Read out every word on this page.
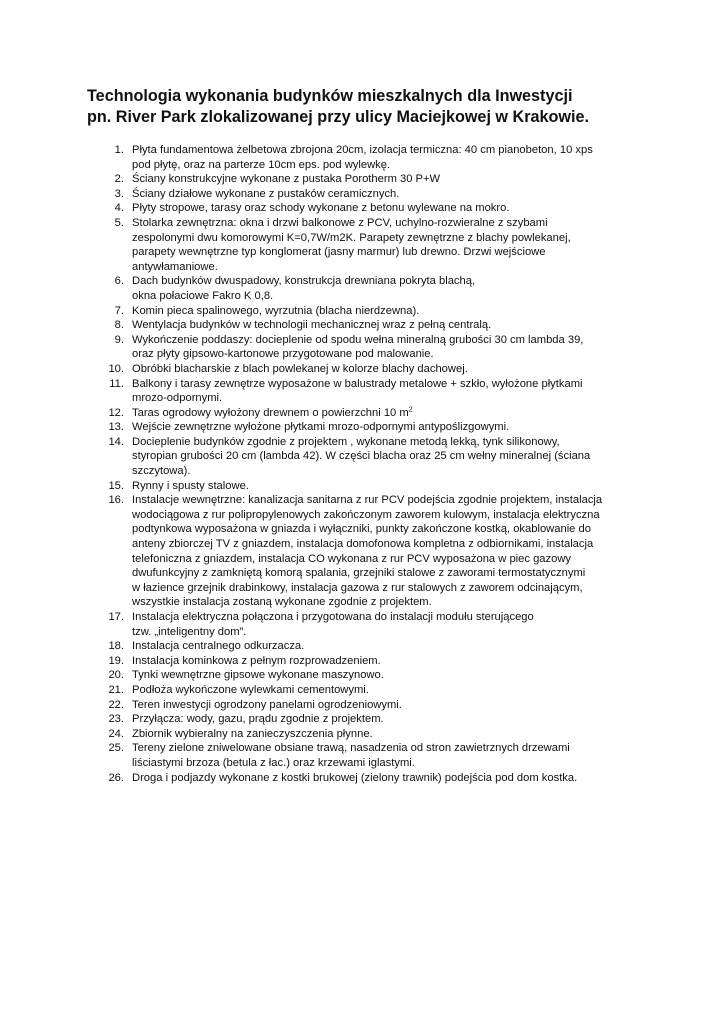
Technologia wykonania budynków mieszkalnych dla Inwestycji
pn. River Park zlokalizowanej przy ulicy Maciejkowej w Krakowie.
1. Płyta fundamentowa żelbetowa zbrojona 20cm, izolacja termiczna: 40 cm pianobeton, 10 xps
pod płytę, oraz na parterze 10cm eps. pod wylewkę.
2. Ściany konstrukcyjne wykonane z pustaka Porotherm 30 P+W
3. Ściany działowe wykonane z pustaków ceramicznych.
4. Płyty stropowe, tarasy oraz schody wykonane z betonu wylewane na mokro.
5. Stolarka zewnętrzna: okna i drzwi balkonowe z PCV, uchylno-rozwieralne z szybami
zespolonymi dwu komorowymi K=0,7W/m2K. Parapety zewnętrzne z blachy powlekanej,
parapety wewnętrzne typ konglomerat (jasny marmur) lub drewno. Drzwi wejściowe
antywłamaniowe.
6. Dach budynków dwuspadowy, konstrukcja drewniana pokryta blachą,
okna połaciowe Fakro K 0,8.
7. Komin pieca spalinowego, wyrzutnia (blacha nierdzewna).
8. Wentylacja budynków w technologii mechanicznej wraz z pełną centralą.
9. Wykończenie poddaszy: docieplenie od spodu wełna mineralną grubości 30 cm lambda 39,
oraz płyty gipsowo-kartonowe przygotowane pod malowanie.
10. Obróbki blacharskie z blach powlekanej w kolorze blachy dachowej.
11. Balkony i tarasy zewnętrze wyposażone w balustrady metalowe + szkło, wyłożone płytkami
mrozo-odpornymi.
12. Taras ogrodowy wyłożony drewnem o powierzchni 10 $m^2$
13. Wejście zewnętrzne wyłożone płytkami mrozo-odpornymi antypoślizgowymi.
14. Docieplenie budynków zgodnie z projektem , wykonane metodą lekką, tynk silikonowy,
styropian grubości 20 cm (lambda 42). W części blacha oraz 25 cm wełny mineralnej (ściana
szczytowa).
15. Rynny i spusty stalowe.
16. Instalacje wewnętrzne: kanalizacja sanitarna z rur PCV podejścia zgodnie projektem, instalacja
wodociągowa z rur polipropylenowych zakończonym zaworem kulowym, instalacja elektryczna
podtynkowa wyposażona w gniazda i wyłączniki, punkty zakończone kostką, okablowanie do
anteny zbiorczej TV z gniazdem, instalacja domofonowa kompletna z odbiornikami, instalacja
telefoniczna z gniazdem, instalacja CO wykonana z rur PCV wyposażona w piec gazowy
dwufunkcyjny z zamkniętą komorą spalania, grzejniki stalowe z zaworami termostatycznymi
w łazience grzejnik drabinkowy, instalacja gazowa z rur stalowych z zaworem odcinającym,
wszystkie instalacja zostaną wykonane zgodnie z projektem.
17. Instalacja elektryczna połączona i przygotowana do instalacji modułu sterującego
tzw. „inteligentny dom”.
18. Instalacja centralnego odkurzacza.
19. Instalacja kominkowa z pełnym rozprowadzeniem.
20. Tynki wewnętrzne gipsowe wykonane maszynowo.
21. Podłoża wykończone wylewkami cementowymi.
22. Teren inwestycji ogrodzony panelami ogrodzeniowymi.
23. Przyłącza: wody, gazu, prądu zgodnie z projektem.
24. Zbiornik wybieralny na zanieczyszczenia płynne.
25. Tereny zielone zniwelowane obsiane trawą, nasadzenia od stron zawietrznych drzewami
liściastymi brzoza (betula z łac.) oraz krzewami iglastymi.
26. Droga i podjazdy wykonane z kostki brukowej (zielony trawnik) podejścia pod dom kostka.
